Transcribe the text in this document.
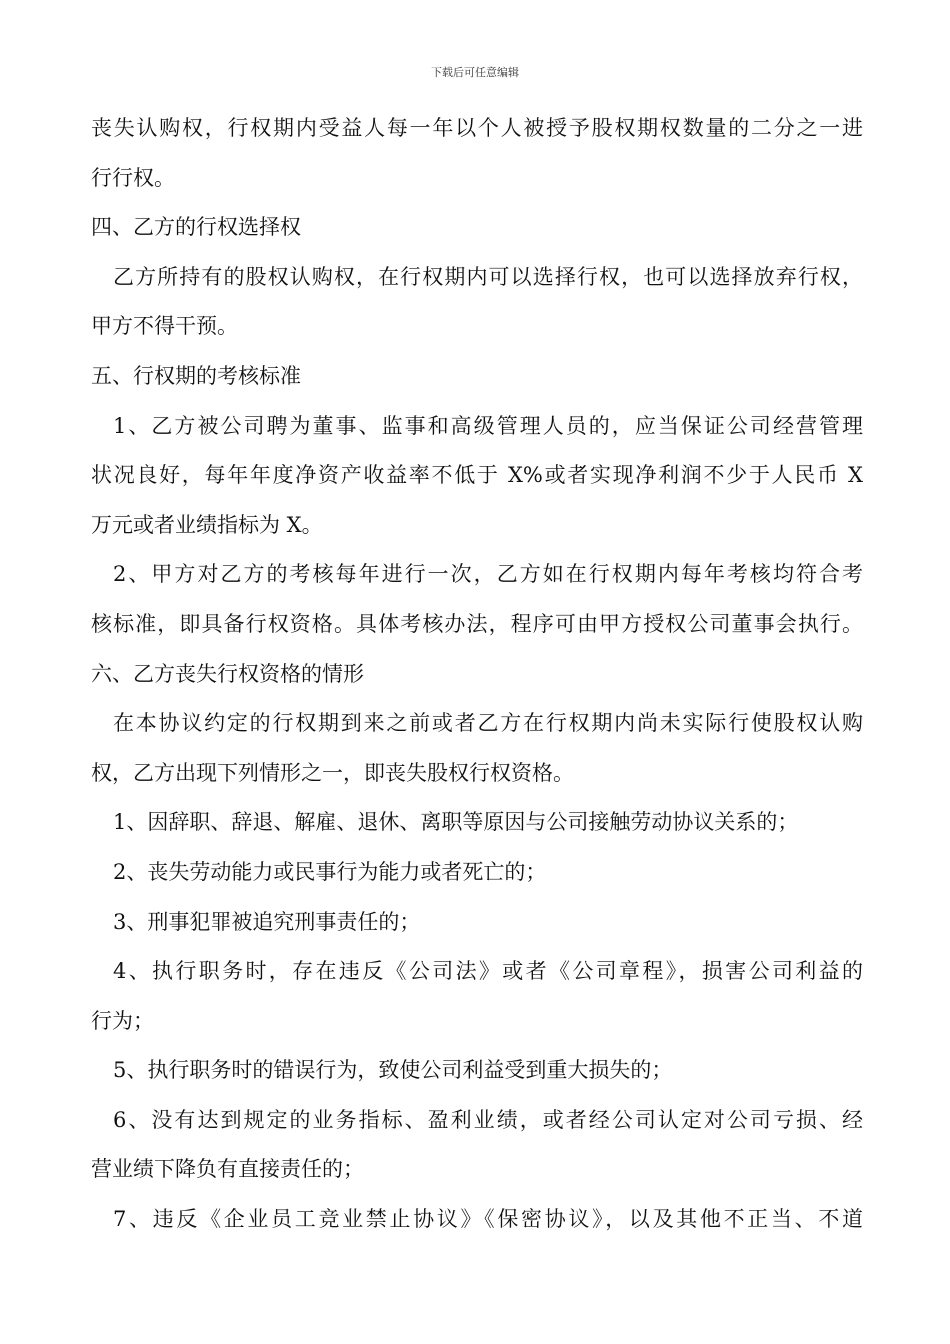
下载后可任意编辑
丧失认购权，行权期内受益人每一年以个人被授予股权期权数量的二分之一进
行行权。
四、乙方的行权选择权
乙方所持有的股权认购权，在行权期内可以选择行权，也可以选择放弃行权，
甲方不得干预。
五、行权期的考核标准
1、乙方被公司聘为董事、监事和高级管理人员的，应当保证公司经营管理
状况良好，每年年度净资产收益率不低于 X%或者实现净利润不少于人民币 X
万元或者业绩指标为 X。
2、甲方对乙方的考核每年进行一次，乙方如在行权期内每年考核均符合考
核标准，即具备行权资格。具体考核办法，程序可由甲方授权公司董事会执行。
六、乙方丧失行权资格的情形
在本协议约定的行权期到来之前或者乙方在行权期内尚未实际行使股权认购
权，乙方出现下列情形之一，即丧失股权行权资格。
1、因辞职、辞退、解雇、退休、离职等原因与公司接触劳动协议关系的；
2、丧失劳动能力或民事行为能力或者死亡的；
3、刑事犯罪被追究刑事责任的；
4、执行职务时，存在违反《公司法》或者《公司章程》，损害公司利益的
行为；
5、执行职务时的错误行为，致使公司利益受到重大损失的；
6、没有达到规定的业务指标、盈利业绩，或者经公司认定对公司亏损、经
营业绩下降负有直接责任的；
7、违反《企业员工竞业禁止协议》《保密协议》，以及其他不正当、不道
